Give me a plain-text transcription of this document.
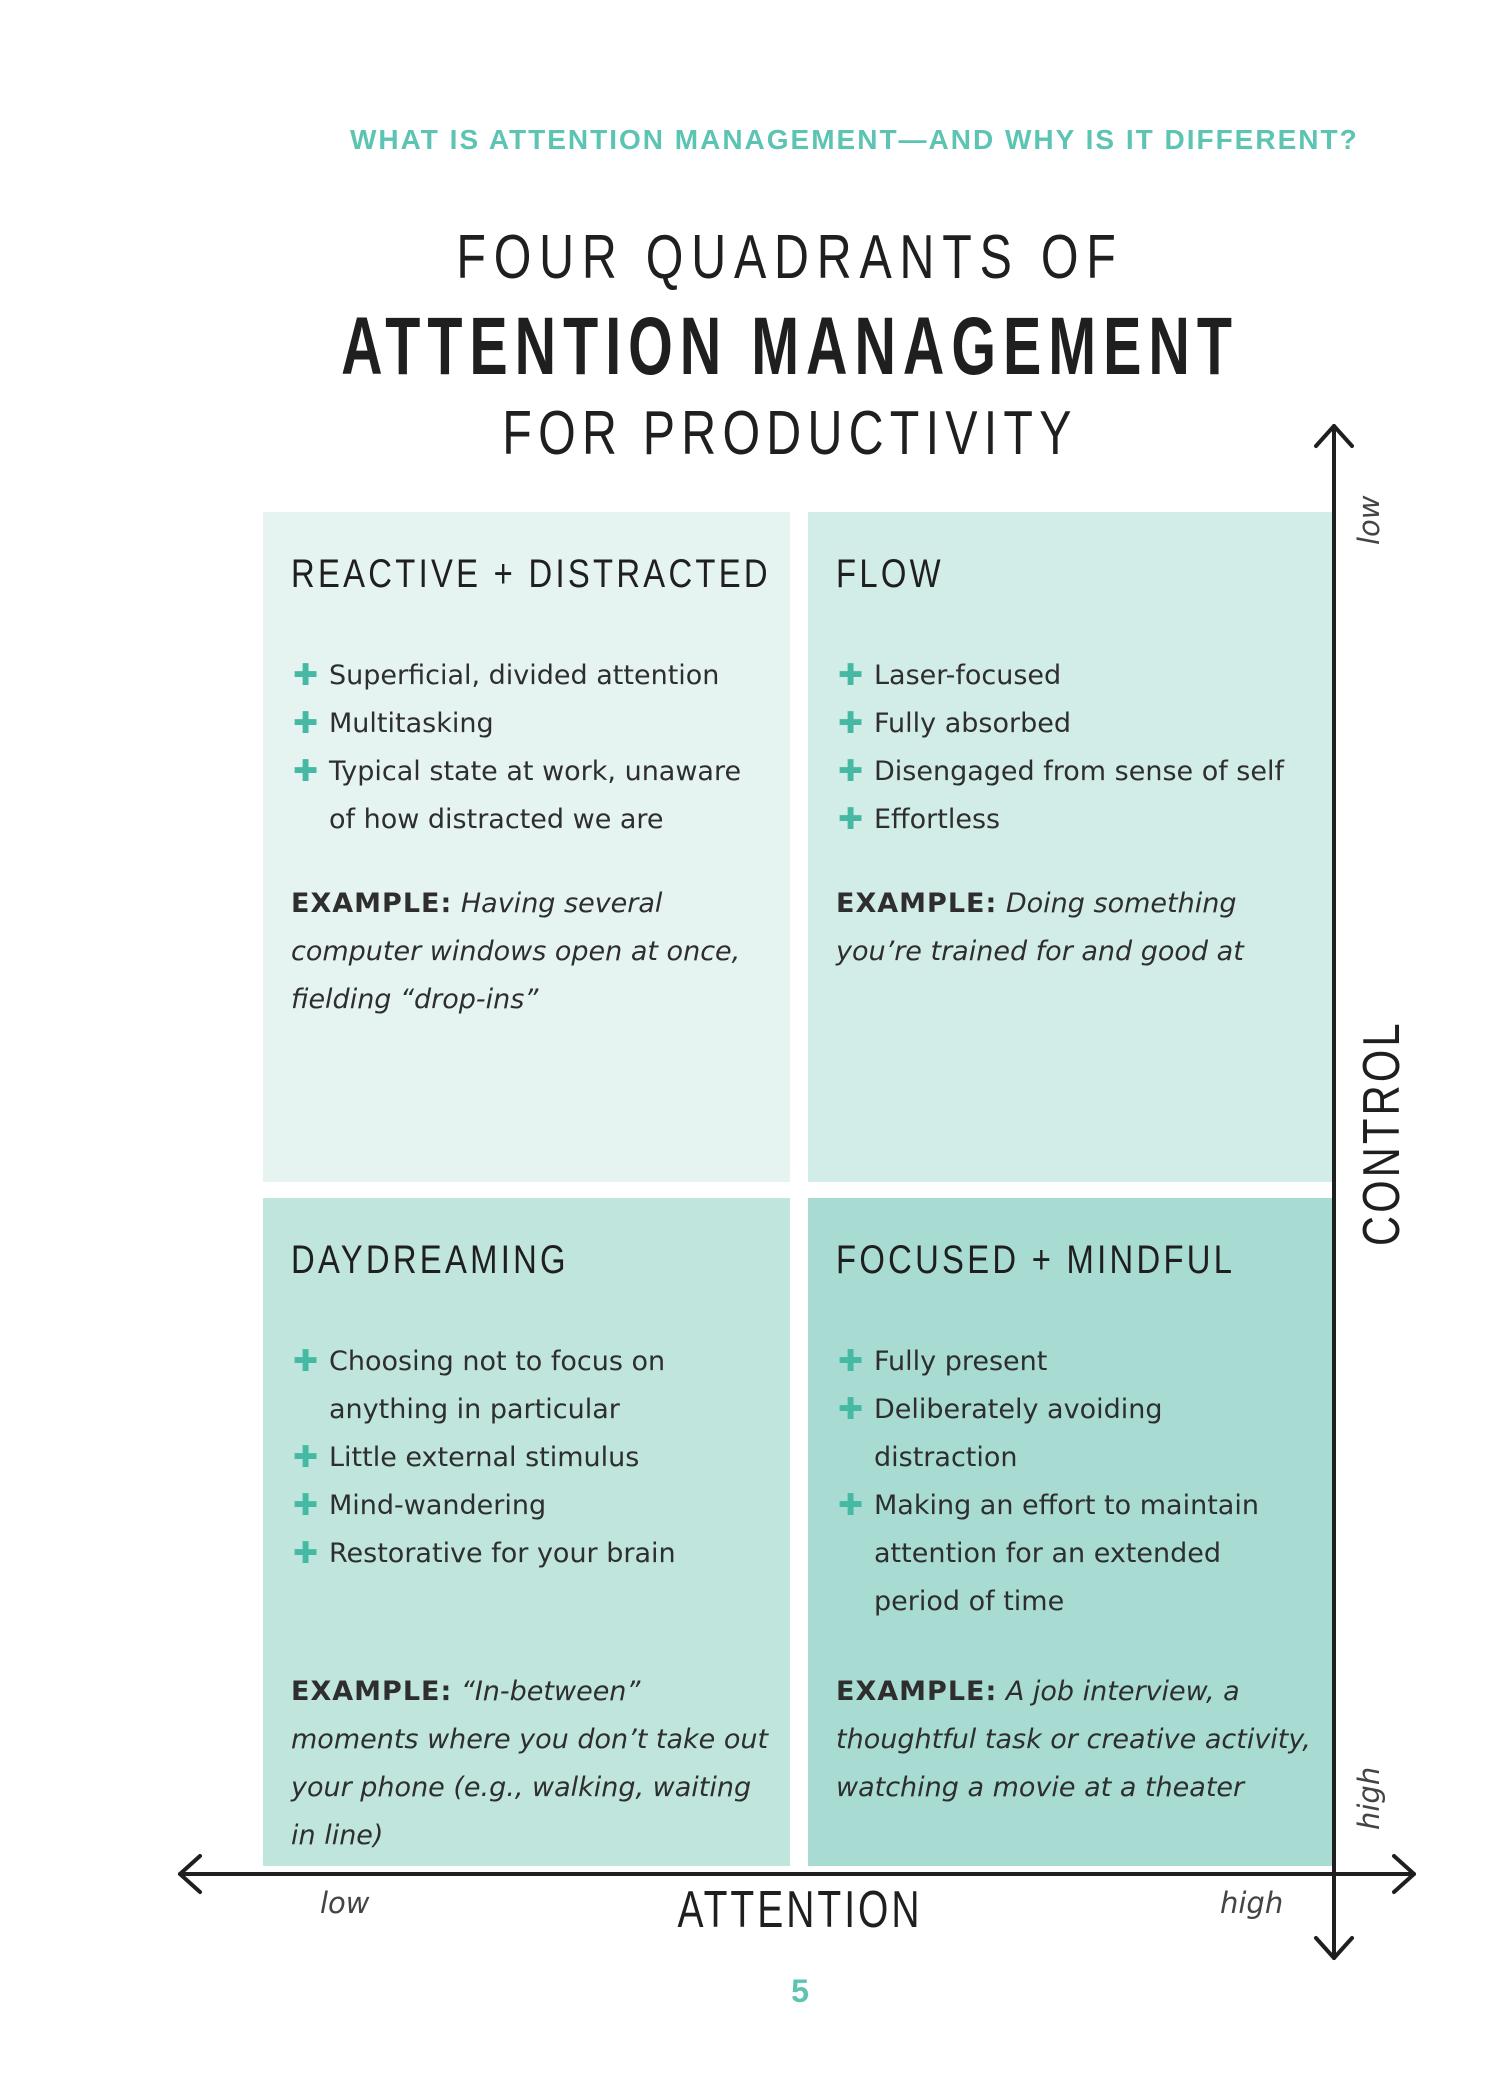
WHAT IS ATTENTION MANAGEMENT—AND WHY IS IT DIFFERENT?
FOUR QUADRANTS OF
ATTENTION MANAGEMENT
FOR PRODUCTIVITY
REACTIVE + DISTRACTED
✚ Superficial, divided attention
✚ Multitasking
✚ Typical state at work, unaware of how distracted we are
EXAMPLE: Having several computer windows open at once, fielding “drop-ins”
FLOW
✚ Laser-focused
✚ Fully absorbed
✚ Disengaged from sense of self
✚ Effortless
EXAMPLE: Doing something you’re trained for and good at
DAYDREAMING
✚ Choosing not to focus on anything in particular
✚ Little external stimulus
✚ Mind-wandering
✚ Restorative for your brain
EXAMPLE: “In-between” moments where you don’t take out your phone (e.g., walking, waiting in line)
FOCUSED + MINDFUL
✚ Fully present
✚ Deliberately avoiding distraction
✚ Making an effort to maintain attention for an extended period of time
EXAMPLE: A job interview, a thoughtful task or creative activity, watching a movie at a theater
ATTENTION
low	high
CONTROL
low
high
5
